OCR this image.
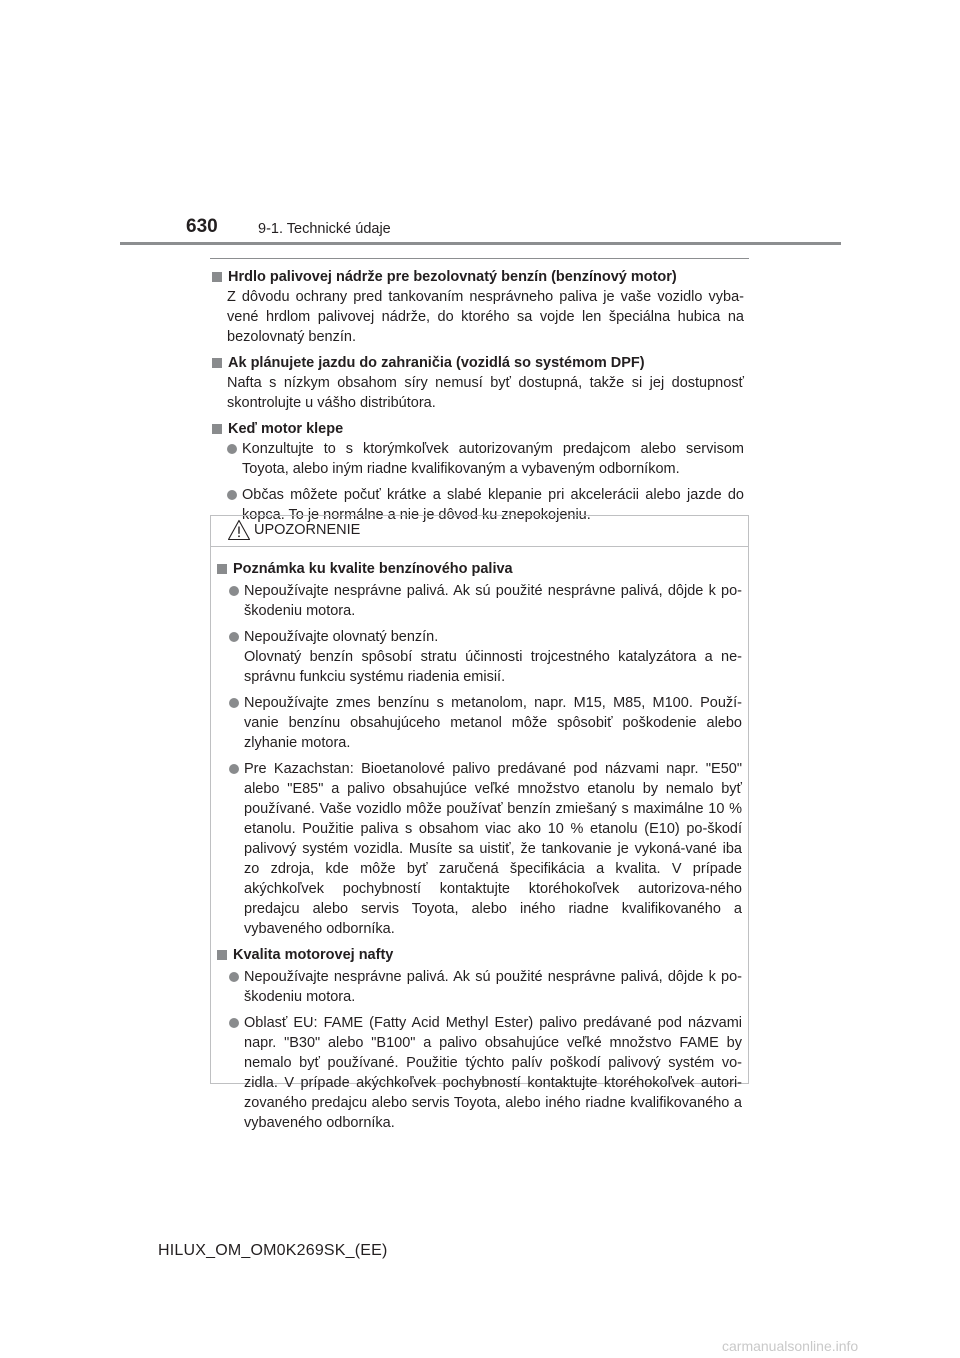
630	9-1. Technické údaje
Hrdlo palivovej nádrže pre bezolovnatý benzín (benzínový motor)
Z dôvodu ochrany pred tankovaním nesprávneho paliva je vaše vozidlo vyba-vené hrdlom palivovej nádrže, do ktorého sa vojde len špeciálna hubica na bezolovnatý benzín.
Ak plánujete jazdu do zahraničia (vozidlá so systémom DPF)
Nafta s nízkym obsahom síry nemusí byť dostupná, takže si jej dostupnosť skontrolujte u vášho distribútora.
Keď motor klepe
Konzultujte to s ktorýmkoľvek autorizovaným predajcom alebo servisom Toyota, alebo iným riadne kvalifikovaným a vybaveným odborníkom.
Občas môžete počuť krátke a slabé klepanie pri akcelerácii alebo jazde do kopca. To je normálne a nie je dôvod ku znepokojeniu.
UPOZORNENIE
Poznámka ku kvalite benzínového paliva
Nepoužívajte nesprávne palivá. Ak sú použité nesprávne palivá, dôjde k po-škodeniu motora.
Nepoužívajte olovnatý benzín.
Olovnatý benzín spôsobí stratu účinnosti trojcestného katalyzátora a ne-správnu funkciu systému riadenia emisií.
Nepoužívajte zmes benzínu s metanolom, napr. M15, M85, M100. Použí-vanie benzínu obsahujúceho metanol môže spôsobiť poškodenie alebo zlyhanie motora.
Pre Kazachstan: Bioetanolové palivo predávané pod názvami napr. "E50" alebo "E85" a palivo obsahujúce veľké množstvo etanolu by nemalo byť používané. Vaše vozidlo môže používať benzín zmiešaný s maximálne 10 % etanolu. Použitie paliva s obsahom viac ako 10 % etanolu (E10) po-škodí palivový systém vozidla. Musíte sa uistiť, že tankovanie je vykoná-vané iba zo zdroja, kde môže byť zaručená špecifikácia a kvalita. V prípade akýchkoľvek pochybností kontaktujte ktoréhokoľvek autorizova-ného predajcu alebo servis Toyota, alebo iného riadne kvalifikovaného a vybaveného odborníka.
Kvalita motorovej nafty
Nepoužívajte nesprávne palivá. Ak sú použité nesprávne palivá, dôjde k po-škodeniu motora.
Oblasť EU: FAME (Fatty Acid Methyl Ester) palivo predávané pod názvami napr. "B30" alebo "B100" a palivo obsahujúce veľké množstvo FAME by nemalo byť používané. Použitie týchto palív poškodí palivový systém vo-zidla. V prípade akýchkoľvek pochybností kontaktujte ktoréhokoľvek autori-zovaného predajcu alebo servis Toyota, alebo iného riadne kvalifikovaného a vybaveného odborníka.
HILUX_OM_OM0K269SK_(EE)
carmanualsonline.info
